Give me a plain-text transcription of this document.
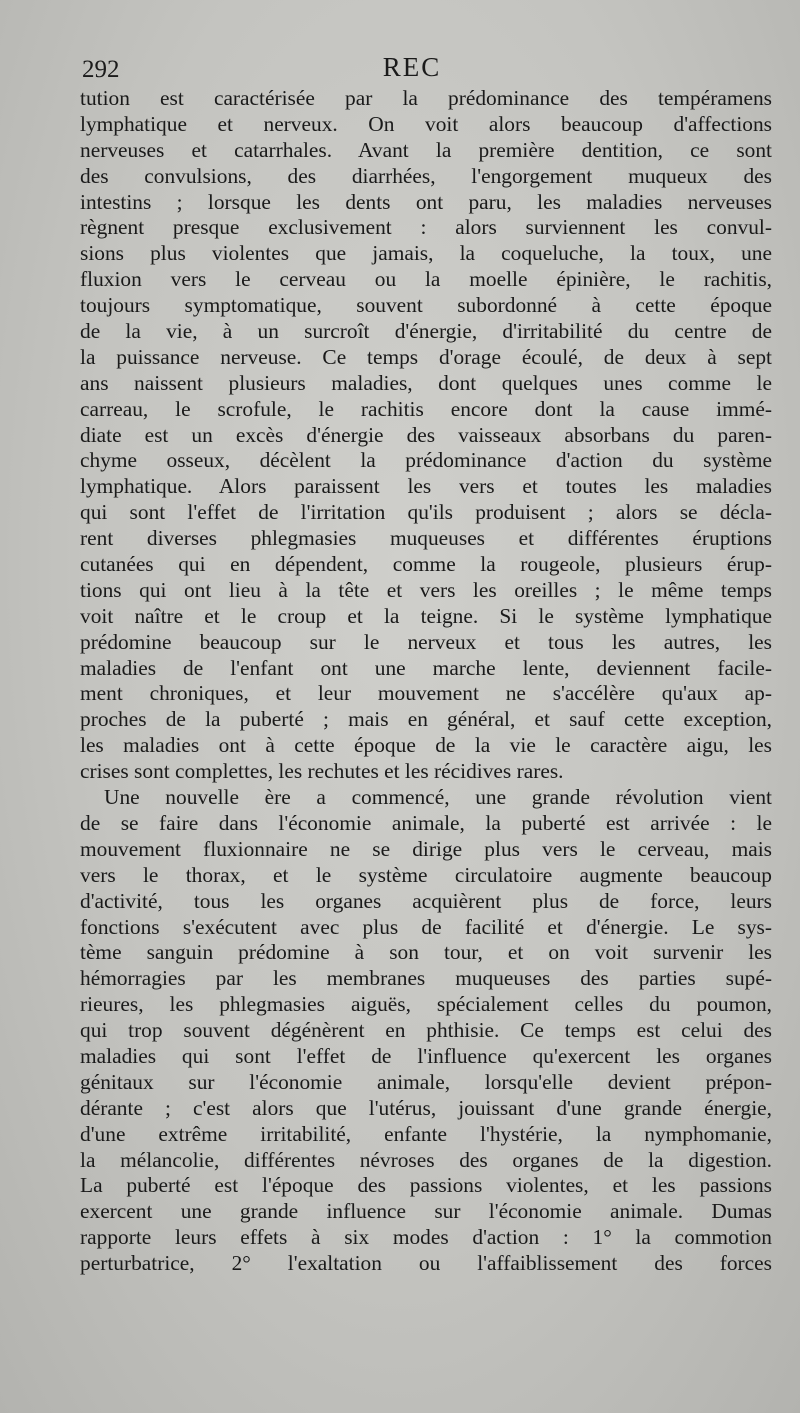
292	REC
tution est caractérisée par la prédominance des tempéramens
lymphatique et nerveux. On voit alors beaucoup d'affections
nerveuses et catarrhales. Avant la première dentition, ce sont
des convulsions, des diarrhées, l'engorgement muqueux des
intestins ; lorsque les dents ont paru, les maladies nerveuses
règnent presque exclusivement : alors surviennent les convul-
sions plus violentes que jamais, la coqueluche, la toux, une
fluxion vers le cerveau ou la moelle épinière, le rachitis,
toujours symptomatique, souvent subordonné à cette époque
de la vie, à un surcroît d'énergie, d'irritabilité du centre de
la puissance nerveuse. Ce temps d'orage écoulé, de deux à sept
ans naissent plusieurs maladies, dont quelques unes comme le
carreau, le scrofule, le rachitis encore dont la cause immé-
diate est un excès d'énergie des vaisseaux absorbans du paren-
chyme osseux, décèlent la prédominance d'action du système
lymphatique. Alors paraissent les vers et toutes les maladies
qui sont l'effet de l'irritation qu'ils produisent ; alors se décla-
rent diverses phlegmasies muqueuses et différentes éruptions
cutanées qui en dépendent, comme la rougeole, plusieurs érup-
tions qui ont lieu à la tête et vers les oreilles ; le même temps
voit naître et le croup et la teigne. Si le système lymphatique
prédomine beaucoup sur le nerveux et tous les autres, les
maladies de l'enfant ont une marche lente, deviennent facile-
ment chroniques, et leur mouvement ne s'accélère qu'aux ap-
proches de la puberté ; mais en général, et sauf cette exception,
les maladies ont à cette époque de la vie le caractère aigu, les
crises sont complettes, les rechutes et les récidives rares.
Une nouvelle ère a commencé, une grande révolution vient
de se faire dans l'économie animale, la puberté est arrivée : le
mouvement fluxionnaire ne se dirige plus vers le cerveau, mais
vers le thorax, et le système circulatoire augmente beaucoup
d'activité, tous les organes acquièrent plus de force, leurs
fonctions s'exécutent avec plus de facilité et d'énergie. Le sys-
tème sanguin prédomine à son tour, et on voit survenir les
hémorragies par les membranes muqueuses des parties supé-
rieures, les phlegmasies aiguës, spécialement celles du poumon,
qui trop souvent dégénèrent en phthisie. Ce temps est celui des
maladies qui sont l'effet de l'influence qu'exercent les organes
génitaux sur l'économie animale, lorsqu'elle devient prépon-
dérante ; c'est alors que l'utérus, jouissant d'une grande énergie,
d'une extrême irritabilité, enfante l'hystérie, la nymphomanie,
la mélancolie, différentes névroses des organes de la digestion.
La puberté est l'époque des passions violentes, et les passions
exercent une grande influence sur l'économie animale. Dumas
rapporte leurs effets à six modes d'action : 1° la commotion
perturbatrice, 2° l'exaltation ou l'affaiblissement des forces
